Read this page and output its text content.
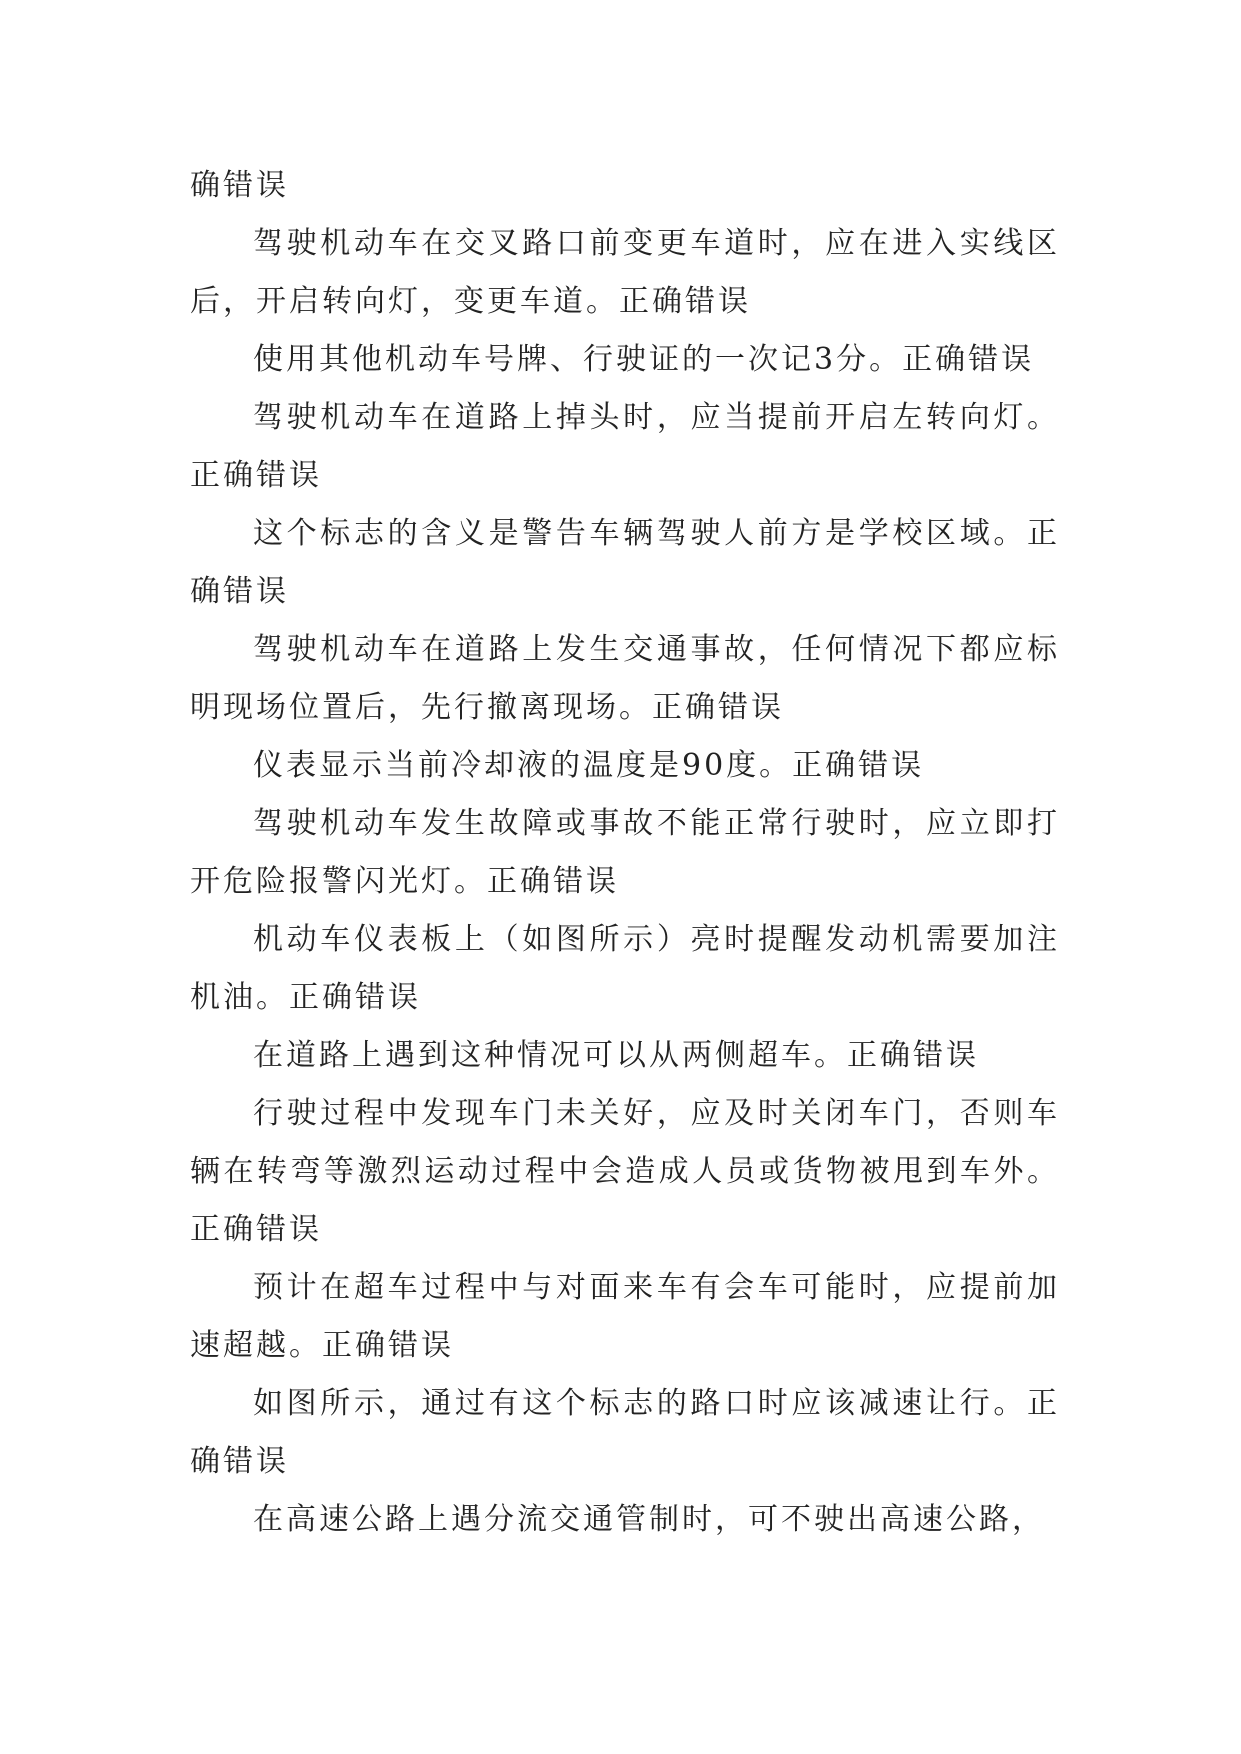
确错误

驾驶机动车在交叉路口前变更车道时，应在进入实线区后，开启转向灯，变更车道。正确错误

使用其他机动车号牌、行驶证的一次记3分。正确错误

驾驶机动车在道路上掉头时，应当提前开启左转向灯。正确错误

这个标志的含义是警告车辆驾驶人前方是学校区域。正确错误

驾驶机动车在道路上发生交通事故，任何情况下都应标明现场位置后，先行撤离现场。正确错误

仪表显示当前冷却液的温度是90度。正确错误

驾驶机动车发生故障或事故不能正常行驶时，应立即打开危险报警闪光灯。正确错误

机动车仪表板上（如图所示）亮时提醒发动机需要加注机油。正确错误

在道路上遇到这种情况可以从两侧超车。正确错误

行驶过程中发现车门未关好，应及时关闭车门，否则车辆在转弯等激烈运动过程中会造成人员或货物被甩到车外。正确错误

预计在超车过程中与对面来车有会车可能时，应提前加速超越。正确错误

如图所示，通过有这个标志的路口时应该减速让行。正确错误

在高速公路上遇分流交通管制时，可不驶出高速公路，
